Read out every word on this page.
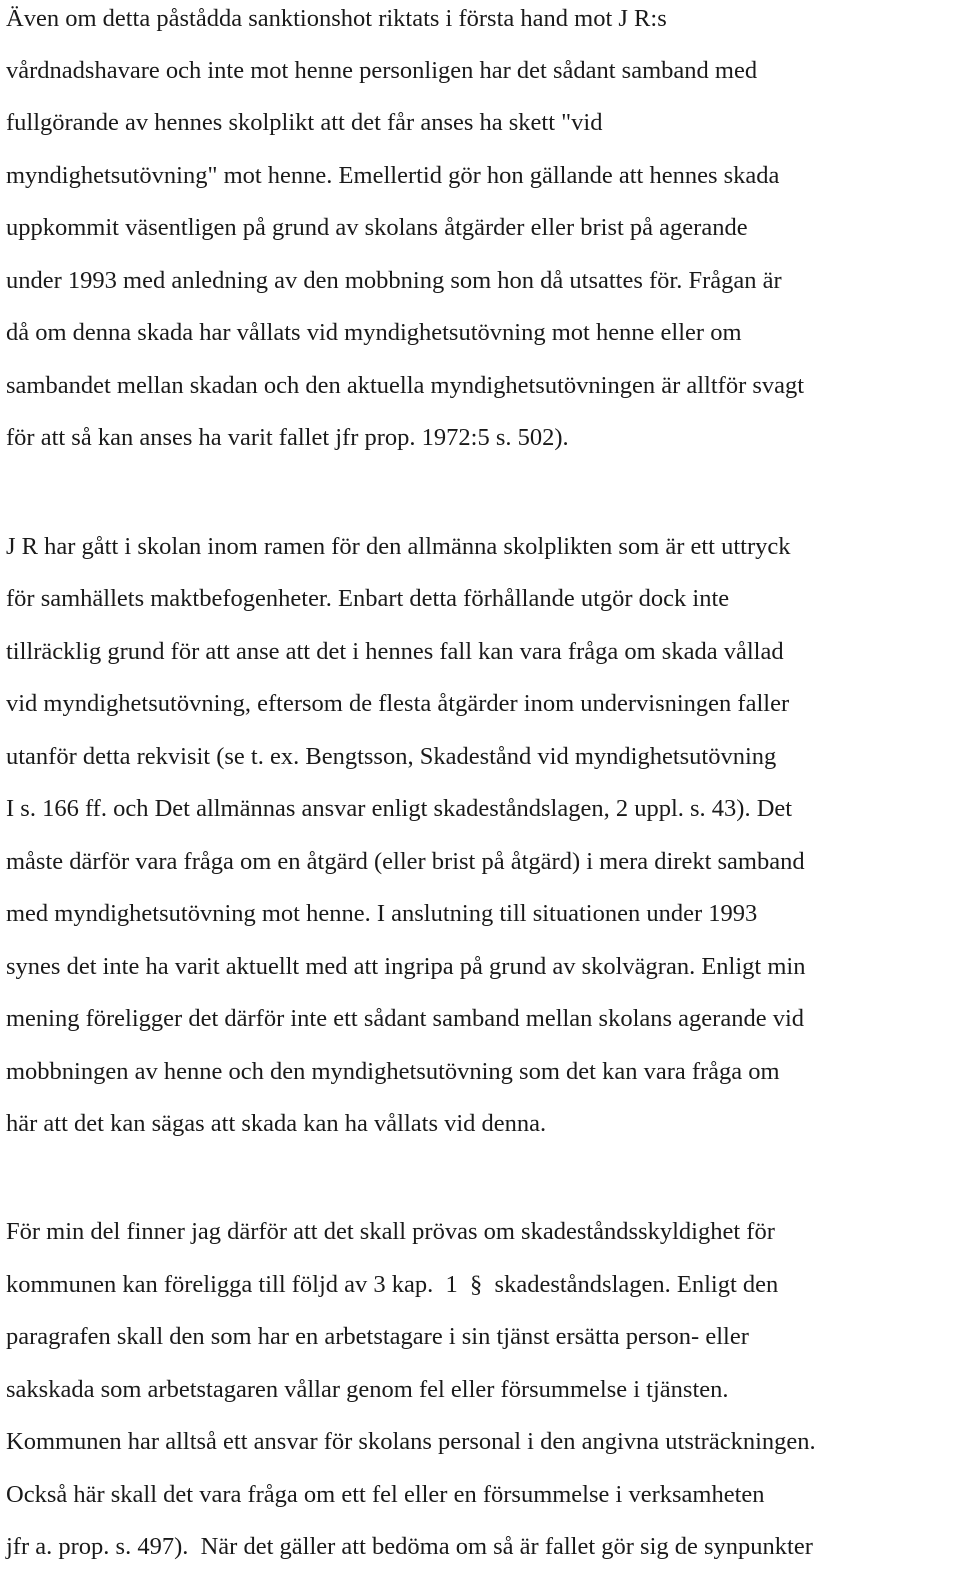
Även om detta påstådda sanktionshot riktats i första hand mot J R:s
vårdnadshavare och inte mot henne personligen har det sådant samband med
fullgörande av hennes skolplikt att det får anses ha skett "vid
myndighetsutövning" mot henne. Emellertid gör hon gällande att hennes skada
uppkommit väsentligen på grund av skolans åtgärder eller brist på agerande
under 1993 med anledning av den mobbning som hon då utsattes för. Frågan är
då om denna skada har vållats vid myndighetsutövning mot henne eller om
sambandet mellan skadan och den aktuella myndighetsutövningen är alltför svagt
för att så kan anses ha varit fallet jfr prop. 1972:5 s. 502).
J R har gått i skolan inom ramen för den allmänna skolplikten som är ett uttryck
för samhällets maktbefogenheter. Enbart detta förhållande utgör dock inte
tillräcklig grund för att anse att det i hennes fall kan vara fråga om skada vållad
vid myndighetsutövning, eftersom de flesta åtgärder inom undervisningen faller
utanför detta rekvisit (se t. ex. Bengtsson, Skadestånd vid myndighetsutövning
I s. 166 ff. och Det allmännas ansvar enligt skadeståndslagen, 2 uppl. s. 43). Det
måste därför vara fråga om en åtgärd (eller brist på åtgärd) i mera direkt samband
med myndighetsutövning mot henne. I anslutning till situationen under 1993
synes det inte ha varit aktuellt med att ingripa på grund av skolvägran. Enligt min
mening föreligger det därför inte ett sådant samband mellan skolans agerande vid
mobbningen av henne och den myndighetsutövning som det kan vara fråga om
här att det kan sägas att skada kan ha vållats vid denna.
För min del finner jag därför att det skall prövas om skadeståndsskyldighet för
kommunen kan föreligga till följd av 3 kap.  1  §  skadeståndslagen. Enligt den
paragrafen skall den som har en arbetstagare i sin tjänst ersätta person- eller
sakskada som arbetstagaren vållar genom fel eller försummelse i tjänsten.
Kommunen har alltså ett ansvar för skolans personal i den angivna utsträckningen.
Också här skall det vara fråga om ett fel eller en försummelse i verksamheten
jfr a. prop. s. 497).  När det gäller att bedöma om så är fallet gör sig de synpunkter
